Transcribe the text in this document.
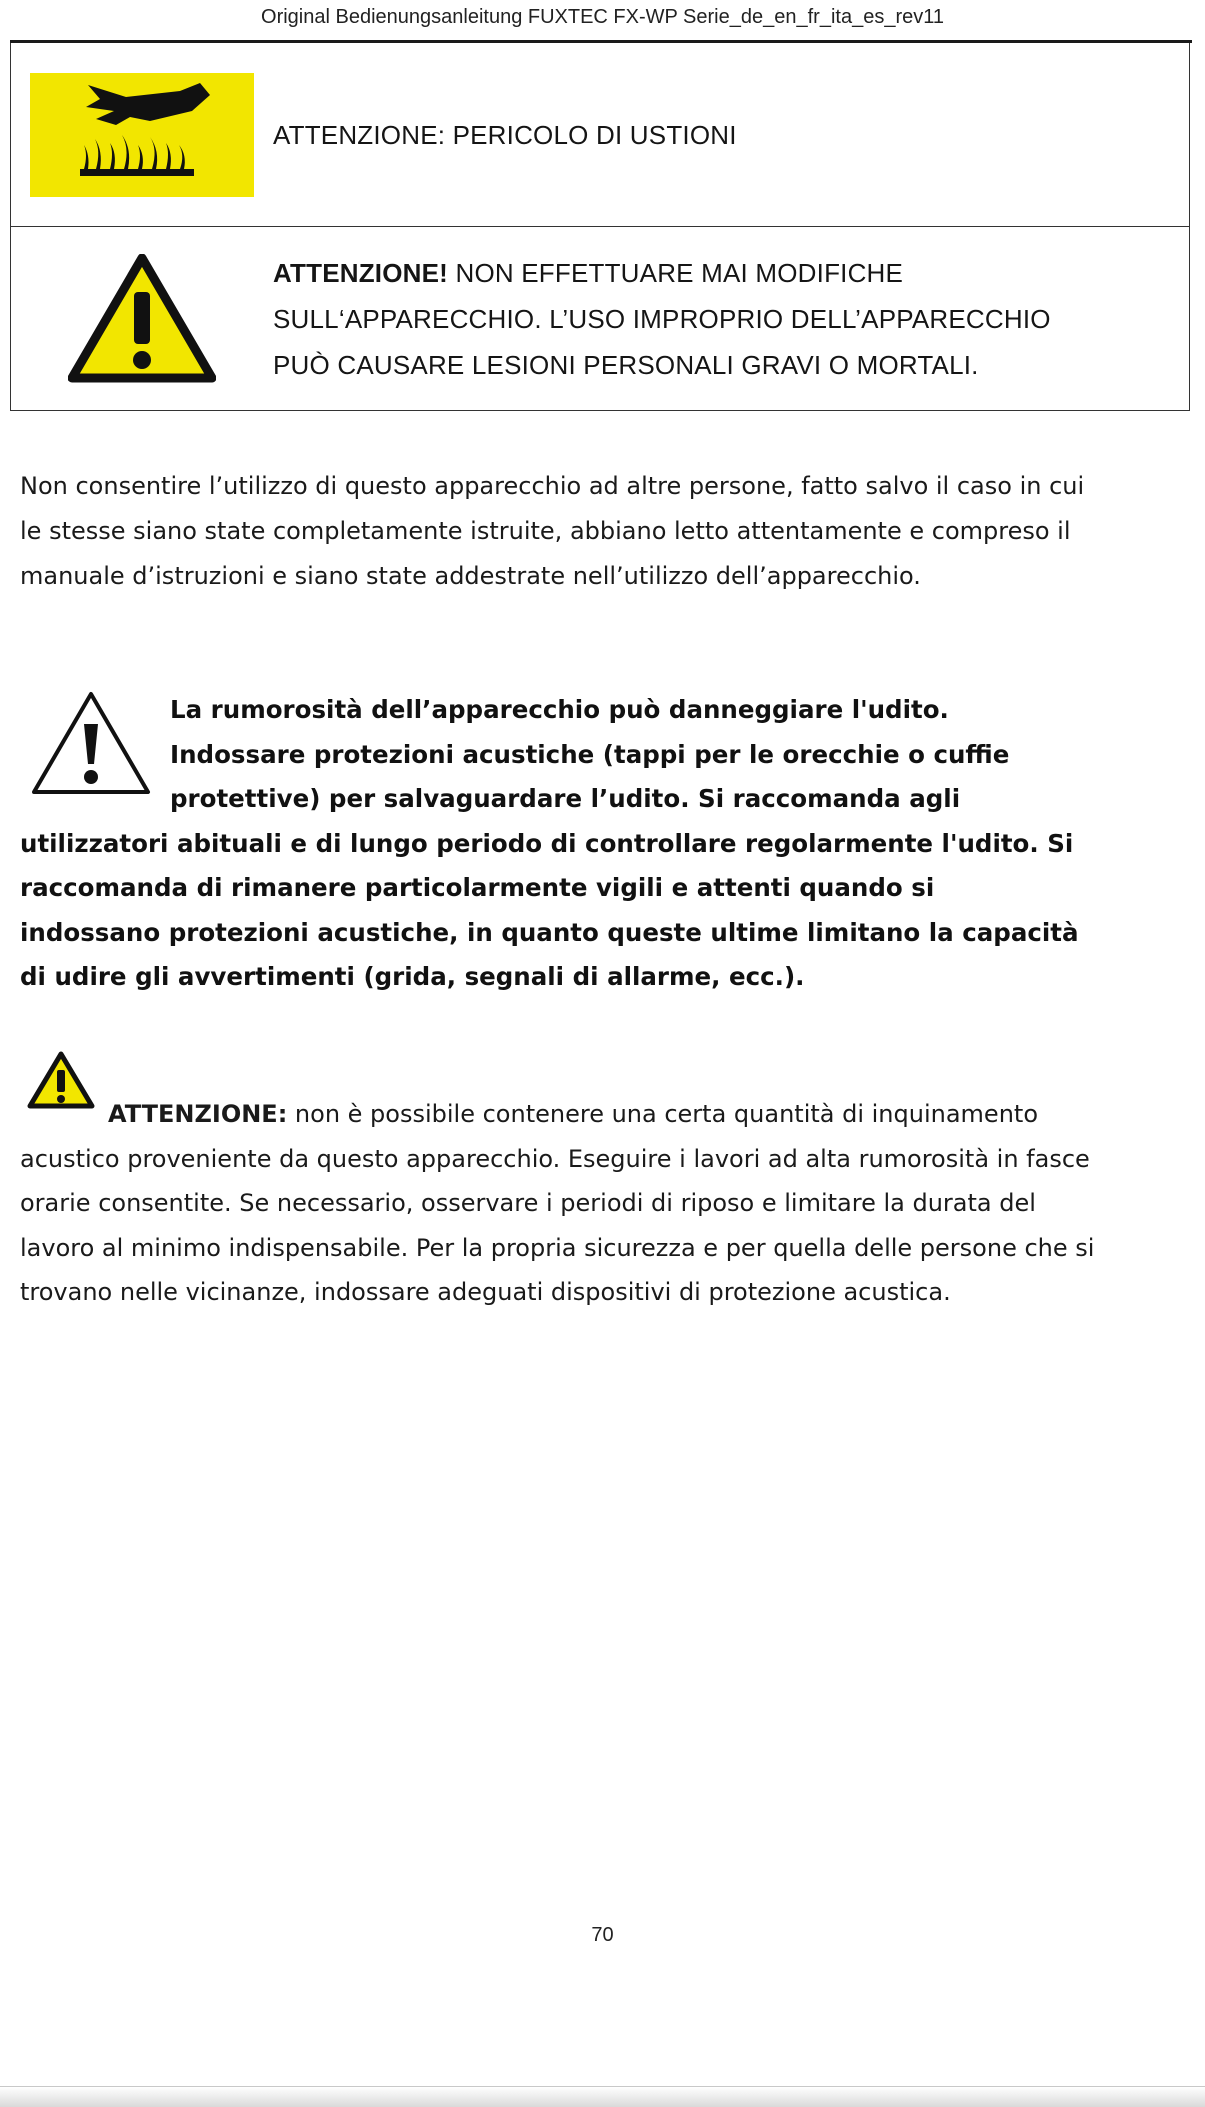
Original Bedienungsanleitung FUXTEC FX-WP Serie_de_en_fr_ita_es_rev11
ATTENZIONE: PERICOLO DI USTIONI
ATTENZIONE! NON EFFETTUARE MAI MODIFICHE
SULL‘APPARECCHIO. L’USO IMPROPRIO DELL’APPARECCHIO
PUÒ CAUSARE LESIONI PERSONALI GRAVI O MORTALI.
Non consentire l’utilizzo di questo apparecchio ad altre persone, fatto salvo il caso in cui
le stesse siano state completamente istruite, abbiano letto attentamente e compreso il
manuale d’istruzioni e siano state addestrate nell’utilizzo dell’apparecchio.
La rumorosità dell’apparecchio può danneggiare l'udito.
Indossare protezioni acustiche (tappi per le orecchie o cuffie
protettive) per salvaguardare l’udito. Si raccomanda agli
utilizzatori abituali e di lungo periodo di controllare regolarmente l'udito. Si
raccomanda di rimanere particolarmente vigili e attenti quando si
indossano protezioni acustiche, in quanto queste ultime limitano la capacità
di udire gli avvertimenti (grida, segnali di allarme, ecc.).
ATTENZIONE: non è possibile contenere una certa quantità di inquinamento
acustico proveniente da questo apparecchio. Eseguire i lavori ad alta rumorosità in fasce
orarie consentite. Se necessario, osservare i periodi di riposo e limitare la durata del
lavoro al minimo indispensabile. Per la propria sicurezza e per quella delle persone che si
trovano nelle vicinanze, indossare adeguati dispositivi di protezione acustica.
70
